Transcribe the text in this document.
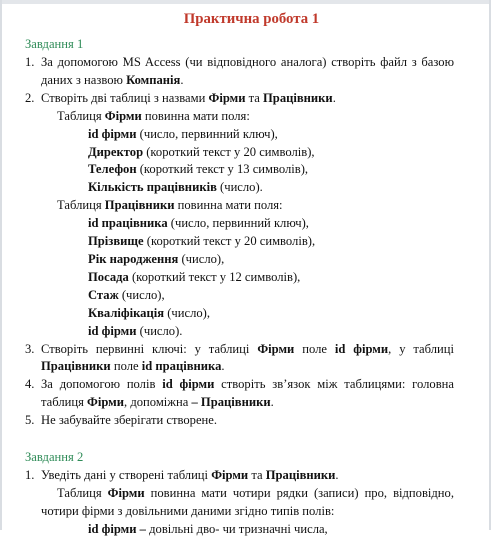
Практична робота 1
Завдання 1
1. За допомогою MS Access (чи відповідного аналога) створіть файл з базою
даних з назвою Компанія.
2. Створіть дві таблиці з назвами Фірми та Працівники.
Таблиця Фірми повинна мати поля:
id фірми (число, первинний ключ),
Директор (короткий текст у 20 символів),
Телефон (короткий текст у 13 символів),
Кількість працівників (число).
Таблиця Працівники повинна мати поля:
id працівника (число, первинний ключ),
Прізвище (короткий текст у 20 символів),
Рік народження (число),
Посада (короткий текст у 12 символів),
Стаж (число),
Кваліфікація (число),
id фірми (число).
3. Створіть первинні ключі: у таблиці Фірми поле id фірми, у таблиці
Працівники поле id працівника.
4. За допомогою полів id фірми створіть зв’язок між таблицями: головна
таблиця Фірми, допоміжна – Працівники.
5. Не забувайте зберігати створене.
Завдання 2
1. Уведіть дані у створені таблиці Фірми та Працівники.
Таблиця Фірми повинна мати чотири рядки (записи) про, відповідно,
чотири фірми з довільними даними згідно типів полів:
id фірми – довільні дво- чи тризначні числа,
